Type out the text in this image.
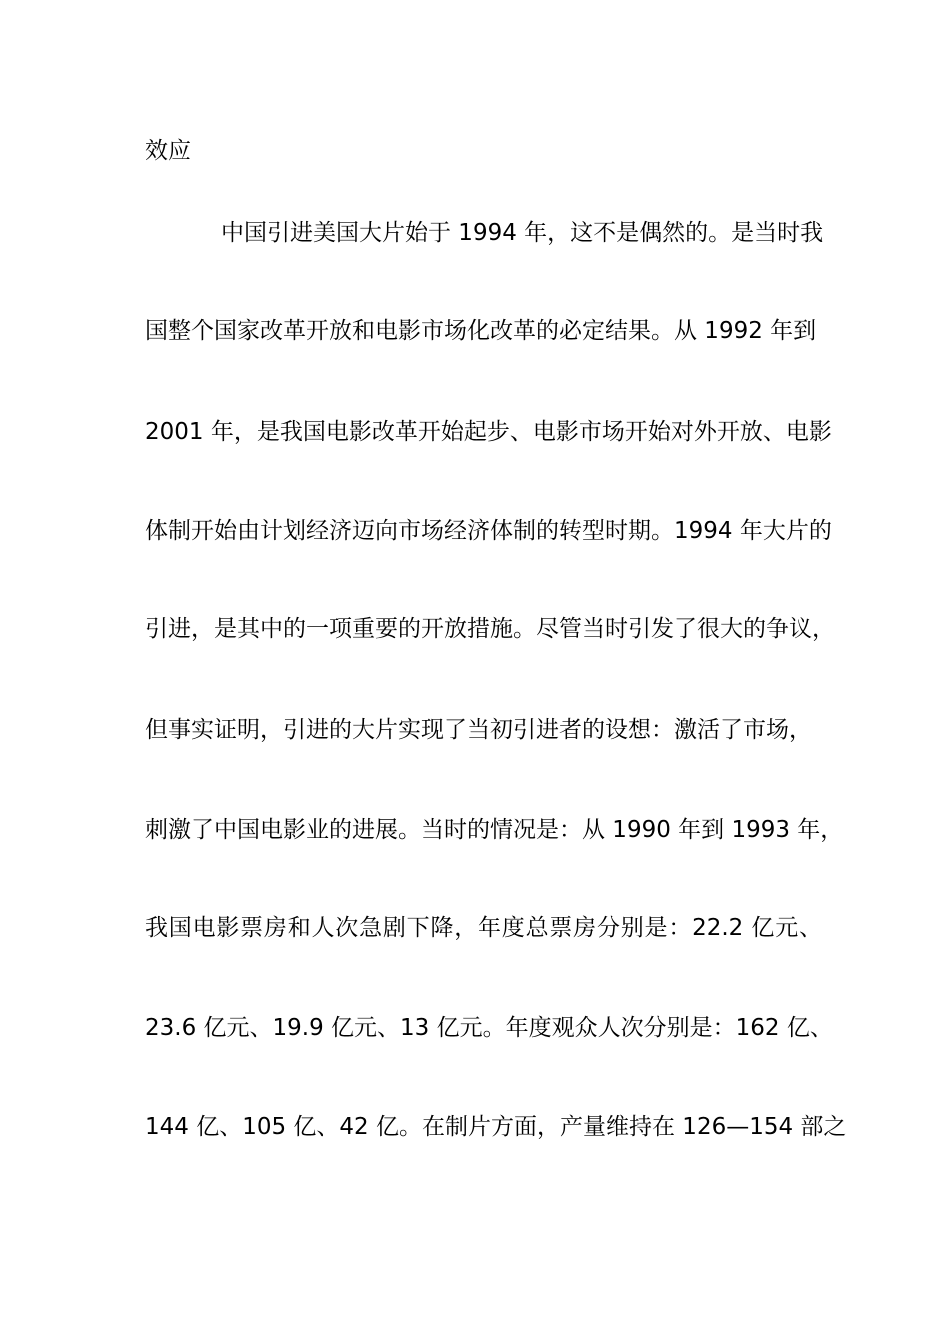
效应
中国引进美国大片始于 1994 年，这不是偶然的。是当时我
国整个国家改革开放和电影市场化改革的必定结果。从 1992 年到
2001 年，是我国电影改革开始起步、电影市场开始对外开放、电影
体制开始由计划经济迈向市场经济体制的转型时期。1994 年大片的
引进，是其中的一项重要的开放措施。尽管当时引发了很大的争议，
但事实证明，引进的大片实现了当初引进者的设想：激活了市场，
刺激了中国电影业的进展。当时的情况是：从 1990 年到 1993 年，
我国电影票房和人次急剧下降，年度总票房分别是：22.2 亿元、
23.6 亿元、19.9 亿元、13 亿元。年度观众人次分别是：162 亿、
144 亿、105 亿、42 亿。在制片方面，产量维持在 126—154 部之
